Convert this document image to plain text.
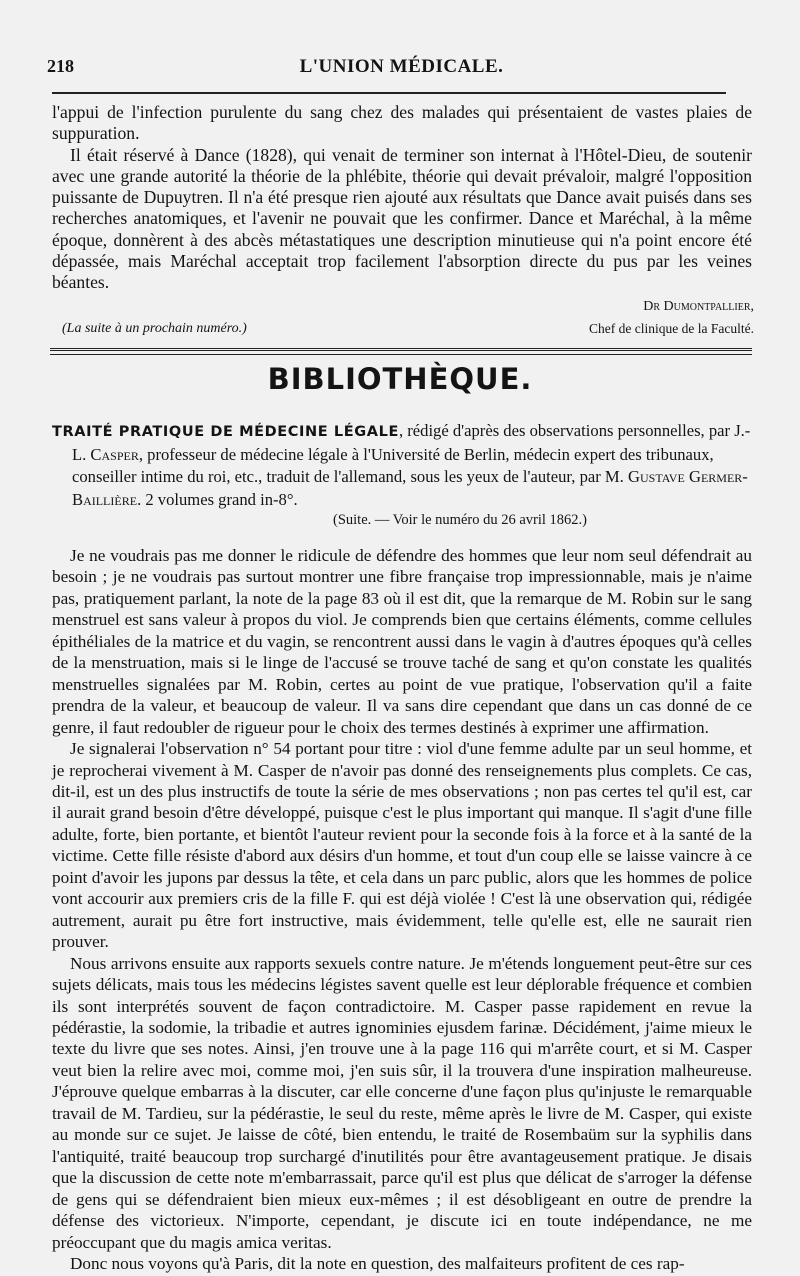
218	L'UNION MÉDICALE.

l'appui de l'infection purulente du sang chez des malades qui présentaient de vastes plaies de suppuration.

Il était réservé à Dance (1828), qui venait de terminer son internat à l'Hôtel-Dieu, de soutenir avec une grande autorité la théorie de la phlébite, théorie qui devait prévaloir, malgré l'opposition puissante de Dupuytren. Il n'a été presque rien ajouté aux résultats que Dance avait puisés dans ses recherches anatomiques, et l'avenir ne pouvait que les confirmer. Dance et Maréchal, à la même époque, donnèrent à des abcès métastatiques une description minutieuse qui n'a point encore été dépassée, mais Maréchal acceptait trop facilement l'absorption directe du pus par les veines béantes.

Dr Dumontpallier,
(La suite à un prochain numéro.)	Chef de clinique de la Faculté.
BIBLIOTHÈQUE.
TRAITÉ PRATIQUE DE MÉDECINE LÉGALE, rédigé d'après des observations personnelles, par J.-L. Casper, professeur de médecine légale à l'Université de Berlin, médecin expert des tribunaux, conseiller intime du roi, etc., traduit de l'allemand, sous les yeux de l'auteur, par M. Gustave Germer-Baillière. 2 volumes grand in-8°.
(Suite. — Voir le numéro du 26 avril 1862.)

Je ne voudrais pas me donner le ridicule de défendre des hommes que leur nom seul défendrait au besoin ; je ne voudrais pas surtout montrer une fibre française trop impressionnable, mais je n'aime pas, pratiquement parlant, la note de la page 83 où il est dit, que la remarque de M. Robin sur le sang menstruel est sans valeur à propos du viol. Je comprends bien que certains éléments, comme cellules épithéliales de la matrice et du vagin, se rencontrent aussi dans le vagin à d'autres époques qu'à celles de la menstruation, mais si le linge de l'accusé se trouve taché de sang et qu'on constate les qualités menstruelles signalées par M. Robin, certes au point de vue pratique, l'observation qu'il a faite prendra de la valeur, et beaucoup de valeur. Il va sans dire cependant que dans un cas donné de ce genre, il faut redoubler de rigueur pour le choix des termes destinés à exprimer une affirmation.

Je signalerai l'observation n° 54 portant pour titre : viol d'une femme adulte par un seul homme, et je reprocherai vivement à M. Casper de n'avoir pas donné des renseignements plus complets. Ce cas, dit-il, est un des plus instructifs de toute la série de mes observations ; non pas certes tel qu'il est, car il aurait grand besoin d'être développé, puisque c'est le plus important qui manque. Il s'agit d'une fille adulte, forte, bien portante, et bientôt l'auteur revient pour la seconde fois à la force et à la santé de la victime. Cette fille résiste d'abord aux désirs d'un homme, et tout d'un coup elle se laisse vaincre à ce point d'avoir les jupons par dessus la tête, et cela dans un parc public, alors que les hommes de police vont accourir aux premiers cris de la fille F. qui est déjà violée ! C'est là une observation qui, rédigée autrement, aurait pu être fort instructive, mais évidemment, telle qu'elle est, elle ne saurait rien prouver.

Nous arrivons ensuite aux rapports sexuels contre nature. Je m'étends longuement peut-être sur ces sujets délicats, mais tous les médecins légistes savent quelle est leur déplorable fréquence et combien ils sont interprétés souvent de façon contradictoire. M. Casper passe rapidement en revue la pédérastie, la sodomie, la tribadie et autres ignominies ejusdem farinæ. Décidément, j'aime mieux le texte du livre que ses notes. Ainsi, j'en trouve une à la page 116 qui m'arrête court, et si M. Casper veut bien la relire avec moi, comme moi, j'en suis sûr, il la trouvera d'une inspiration malheureuse. J'éprouve quelque embarras à la discuter, car elle concerne d'une façon plus qu'injuste le remarquable travail de M. Tardieu, sur la pédérastie, le seul du reste, même après le livre de M. Casper, qui existe au monde sur ce sujet. Je laisse de côté, bien entendu, le traité de Rosembaüm sur la syphilis dans l'antiquité, traité beaucoup trop surchargé d'inutilités pour être avantageusement pratique. Je disais que la discussion de cette note m'embarrassait, parce qu'il est plus que délicat de s'arroger la défense de gens qui se défendraient bien mieux eux-mêmes ; il est désobligeant en outre de prendre la défense des victorieux. N'importe, cependant, je discute ici en toute indépendance, ne me préoccupant que du magis amica veritas.

Donc nous voyons qu'à Paris, dit la note en question, des malfaiteurs profitent de ces rap-
